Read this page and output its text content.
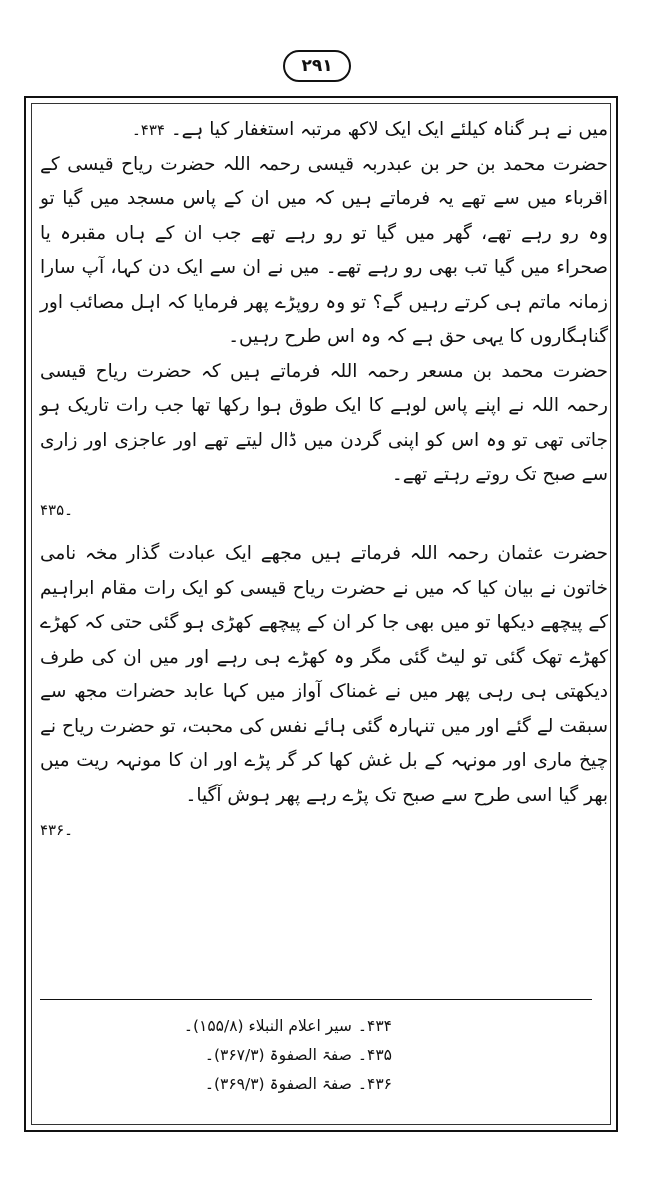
۲۹۱

میں نے ہر گناہ کیلئے ایک ایک لاکھ مرتبہ استغفار کیا ہے۔ ۴۳۴۔

حضرت محمد بن حر بن عبدربہ قیسی رحمہ اللہ حضرت ریاح قیسی کے اقرباء میں سے تھے یہ فرماتے ہیں کہ میں ان کے پاس مسجد میں گیا تو وہ رو رہے تھے، گھر میں گیا تو رو رہے تھے جب ان کے ہاں مقبرہ یا صحراء میں گیا تب بھی رو رہے تھے۔ میں نے ان سے ایک دن کہا، آپ سارا زمانہ ماتم ہی کرتے رہیں گے؟ تو وہ روپڑے پھر فرمایا کہ اہل مصائب اور گناہگاروں کا یہی حق ہے کہ وہ اس طرح رہیں۔

حضرت محمد بن مسعر رحمہ اللہ فرماتے ہیں کہ حضرت ریاح قیسی رحمہ اللہ نے اپنے پاس لوہے کا ایک طوق ہوا رکھا تھا جب رات تاریک ہو جاتی تھی تو وہ اس کو اپنی گردن میں ڈال لیتے تھے اور عاجزی اور زاری سے صبح تک روتے رہتے تھے۔

۴۳۵۔

حضرت عثمان رحمہ اللہ فرماتے ہیں مجھے ایک عبادت گذار مخہ نامی خاتون نے بیان کیا کہ میں نے حضرت ریاح قیسی کو ایک رات مقام ابراہیم کے پیچھے دیکھا تو میں بھی جا کر ان کے پیچھے کھڑی ہو گئی حتی کہ کھڑے کھڑے تھک گئی تو لیٹ گئی مگر وہ کھڑے ہی رہے اور میں ان کی طرف دیکھتی ہی رہی پھر میں نے غمناک آواز میں کہا عابد حضرات مجھ سے سبقت لے گئے اور میں تنہارہ گئی ہائے نفس کی محبت، تو حضرت ریاح نے چیخ ماری اور مونہہ کے بل غش کھا کر گر پڑے اور ان کا مونہہ ریت میں بھر گیا اسی طرح سے صبح تک پڑے رہے پھر ہوش آگیا۔

۴۳۶۔
۴۳۴۔سیر اعلام النبلاء (۱۵۵/۸)۔
۴۳۵۔صفۃ الصفوۃ (۳۶۷/۳)۔
۴۳۶۔صفۃ الصفوۃ (۳۶۹/۳)۔
